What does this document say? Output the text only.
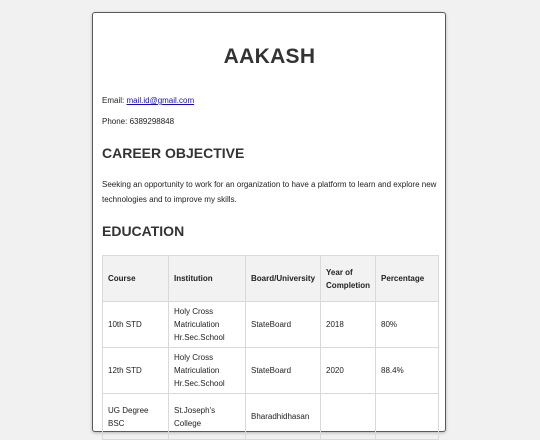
AAKASH
Email: mail.id@gmail.com
Phone: 6389298848
CAREER OBJECTIVE
Seeking an opportunity to work for an organization to have a platform to learn and explore new technologies and to improve my skills.
EDUCATION
Course	Institution	Board/University	Year of Completion	Percentage
10th STD	Holy Cross Matriculation Hr.Sec.School	StateBoard	2018	80%
12th STD	Holy Cross Matriculation Hr.Sec.School	StateBoard	2020	88.4%
UG Degree BSC	St.Joseph's College	Bharadhidhasan		
